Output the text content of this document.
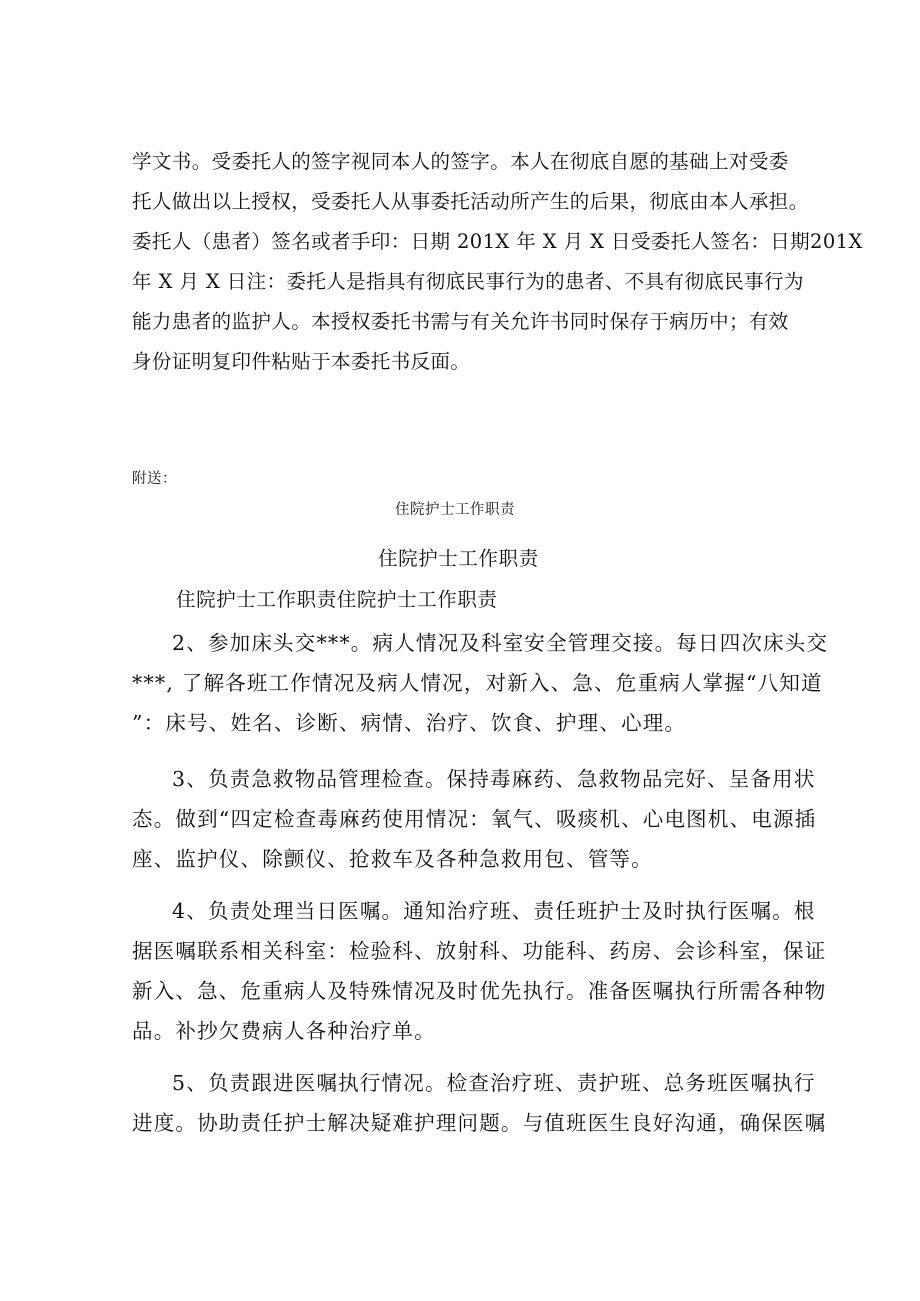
学文书。受委托人的签字视同本人的签字。本人在彻底自愿的基础上对受委
托人做出以上授权，受委托人从事委托活动所产生的后果，彻底由本人承担。
委托人（患者）签名或者手印：日期 201X 年 X 月 X 日受委托人签名：日期201X
年 X 月 X 日注：委托人是指具有彻底民事行为的患者、不具有彻底民事行为
能力患者的监护人。本授权委托书需与有关允许书同时保存于病历中；有效
身份证明复印件粘贴于本委托书反面。
附送：
住院护士工作职责
住院护士工作职责
住院护士工作职责住院护士工作职责
2、参加床头交***。病人情况及科室安全管理交接。每日四次床头交
***, 了解各班工作情况及病人情况，对新入、急、危重病人掌握“八知道
”：床号、姓名、诊断、病情、治疗、饮食、护理、心理。
3、负责急救物品管理检查。保持毒麻药、急救物品完好、呈备用状
态。做到“四定检查毒麻药使用情况：氧气、吸痰机、心电图机、电源插
座、监护仪、除颤仪、抢救车及各种急救用包、管等。
4、负责处理当日医嘱。通知治疗班、责任班护士及时执行医嘱。根
据医嘱联系相关科室：检验科、放射科、功能科、药房、会诊科室，保证
新入、急、危重病人及特殊情况及时优先执行。准备医嘱执行所需各种物
品。补抄欠费病人各种治疗单。
5、负责跟进医嘱执行情况。检查治疗班、责护班、总务班医嘱执行
进度。协助责任护士解决疑难护理问题。与值班医生良好沟通，确保医嘱
